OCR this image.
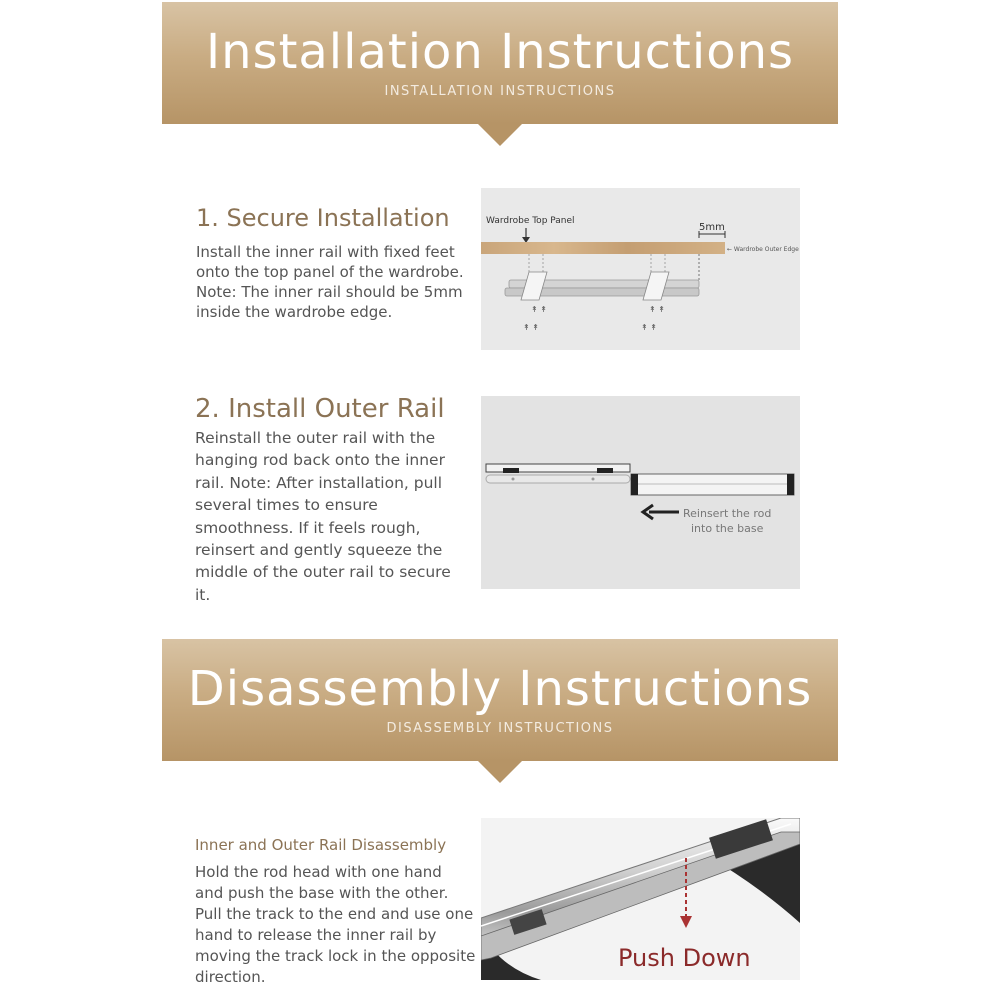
Installation Instructions
INSTALLATION INSTRUCTIONS
1. Secure Installation
Install the inner rail with fixed feet
onto the top panel of the wardrobe.
Note: The inner rail should be 5mm
inside the wardrobe edge.
Wardrobe Top Panel
5mm
← Wardrobe Outer Edge
↟ ↟
↟ ↟
↟ ↟
↟ ↟
2. Install Outer Rail
Reinstall the outer rail with the
hanging rod back onto the inner
rail. Note: After installation, pull
several times to ensure
smoothness. If it feels rough,
reinsert and gently squeeze the
middle of the outer rail to secure
it.
Reinsert the rod
into the base
Disassembly Instructions
DISASSEMBLY INSTRUCTIONS
Inner and Outer Rail Disassembly
Hold the rod head with one hand
and push the base with the other.
Pull the track to the end and use one
hand to release the inner rail by
moving the track lock in the opposite
direction.
Push Down
